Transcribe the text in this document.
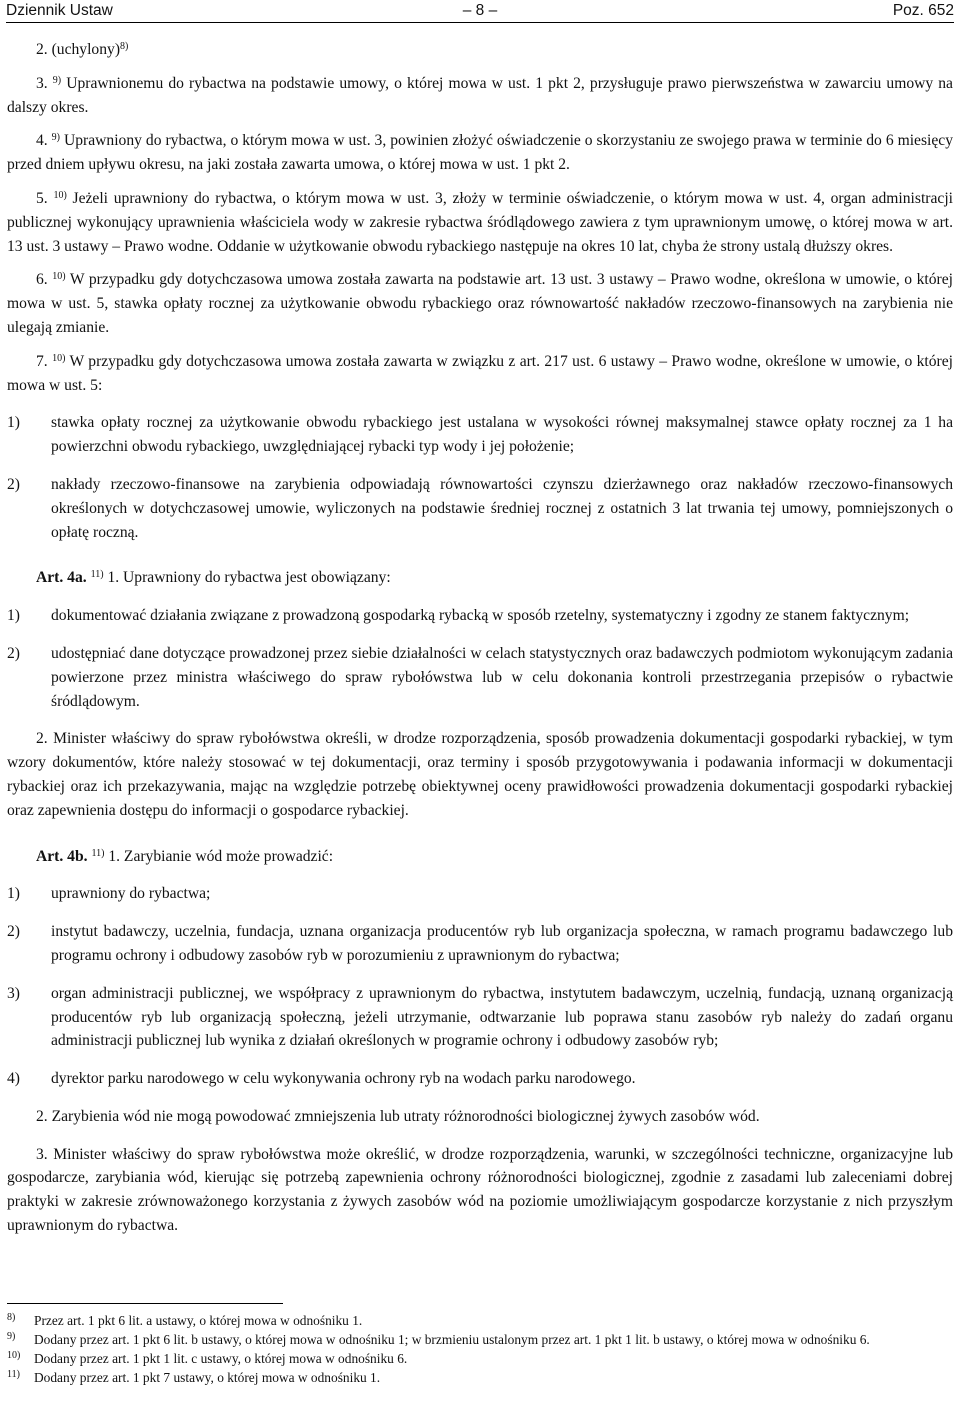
Dziennik Ustaw	– 8 –	Poz. 652

2. (uchylony)$^{8)}$

3. $^{9)}$ Uprawnionemu do rybactwa na podstawie umowy, o której mowa w ust. 1 pkt 2, przysługuje prawo pierwszeństwa w zawarciu umowy na dalszy okres.

4. $^{9)}$ Uprawniony do rybactwa, o którym mowa w ust. 3, powinien złożyć oświadczenie o skorzystaniu ze swojego prawa w terminie do 6 miesięcy przed dniem upływu okresu, na jaki została zawarta umowa, o której mowa w ust. 1 pkt 2.

5. $^{10)}$ Jeżeli uprawniony do rybactwa, o którym mowa w ust. 3, złoży w terminie oświadczenie, o którym mowa w ust. 4, organ administracji publicznej wykonujący uprawnienia właściciela wody w zakresie rybactwa śródlądowego zawiera z tym uprawnionym umowę, o której mowa w art. 13 ust. 3 ustawy – Prawo wodne. Oddanie w użytkowanie obwodu rybackiego następuje na okres 10 lat, chyba że strony ustalą dłuższy okres.

6. $^{10)}$ W przypadku gdy dotychczasowa umowa została zawarta na podstawie art. 13 ust. 3 ustawy – Prawo wodne, określona w umowie, o której mowa w ust. 5, stawka opłaty rocznej za użytkowanie obwodu rybackiego oraz równowartość nakładów rzeczowo-finansowych na zarybienia nie ulegają zmianie.

7. $^{10)}$ W przypadku gdy dotychczasowa umowa została zawarta w związku z art. 217 ust. 6 ustawy – Prawo wodne, określone w umowie, o której mowa w ust. 5:

1) stawka opłaty rocznej za użytkowanie obwodu rybackiego jest ustalana w wysokości równej maksymalnej stawce opłaty rocznej za 1 ha powierzchni obwodu rybackiego, uwzględniającej rybacki typ wody i jej położenie;
2) nakłady rzeczowo-finansowe na zarybienia odpowiadają równowartości czynszu dzierżawnego oraz nakładów rzeczowo-finansowych określonych w dotychczasowej umowie, wyliczonych na podstawie średniej rocznej z ostatnich 3 lat trwania tej umowy, pomniejszonych o opłatę roczną.

Art. 4a. $^{11)}$ 1. Uprawniony do rybactwa jest obowiązany:

1) dokumentować działania związane z prowadzoną gospodarką rybacką w sposób rzetelny, systematyczny i zgodny ze stanem faktycznym;
2) udostępniać dane dotyczące prowadzonej przez siebie działalności w celach statystycznych oraz badawczych podmiotom wykonującym zadania powierzone przez ministra właściwego do spraw rybołówstwa lub w celu dokonania kontroli przestrzegania przepisów o rybactwie śródlądowym.

2. Minister właściwy do spraw rybołówstwa określi, w drodze rozporządzenia, sposób prowadzenia dokumentacji gospodarki rybackiej, w tym wzory dokumentów, które należy stosować w tej dokumentacji, oraz terminy i sposób przygotowywania i podawania informacji w dokumentacji rybackiej oraz ich przekazywania, mając na względzie potrzebę obiektywnej oceny prawidłowości prowadzenia dokumentacji gospodarki rybackiej oraz zapewnienia dostępu do informacji o gospodarce rybackiej.

Art. 4b. $^{11)}$ 1. Zarybianie wód może prowadzić:

1) uprawniony do rybactwa;
2) instytut badawczy, uczelnia, fundacja, uznana organizacja producentów ryb lub organizacja społeczna, w ramach programu badawczego lub programu ochrony i odbudowy zasobów ryb w porozumieniu z uprawnionym do rybactwa;
3) organ administracji publicznej, we współpracy z uprawnionym do rybactwa, instytutem badawczym, uczelnią, fundacją, uznaną organizacją producentów ryb lub organizacją społeczną, jeżeli utrzymanie, odtwarzanie lub poprawa stanu zasobów ryb należy do zadań organu administracji publicznej lub wynika z działań określonych w programie ochrony i odbudowy zasobów ryb;
4) dyrektor parku narodowego w celu wykonywania ochrony ryb na wodach parku narodowego.

2. Zarybienia wód nie mogą powodować zmniejszenia lub utraty różnorodności biologicznej żywych zasobów wód.

3. Minister właściwy do spraw rybołówstwa może określić, w drodze rozporządzenia, warunki, w szczególności techniczne, organizacyjne lub gospodarcze, zarybiania wód, kierując się potrzebą zapewnienia ochrony różnorodności biologicznej, zgodnie z zasadami lub zaleceniami dobrej praktyki w zakresie zrównoważonego korzystania z żywych zasobów wód na poziomie umożliwiającym gospodarcze korzystanie z nich przyszłym uprawnionym do rybactwa.

8) Przez art. 1 pkt 6 lit. a ustawy, o której mowa w odnośniku 1.
9) Dodany przez art. 1 pkt 6 lit. b ustawy, o której mowa w odnośniku 1; w brzmieniu ustalonym przez art. 1 pkt 1 lit. b ustawy, o której mowa w odnośniku 6.
10) Dodany przez art. 1 pkt 1 lit. c ustawy, o której mowa w odnośniku 6.
11) Dodany przez art. 1 pkt 7 ustawy, o której mowa w odnośniku 1.
